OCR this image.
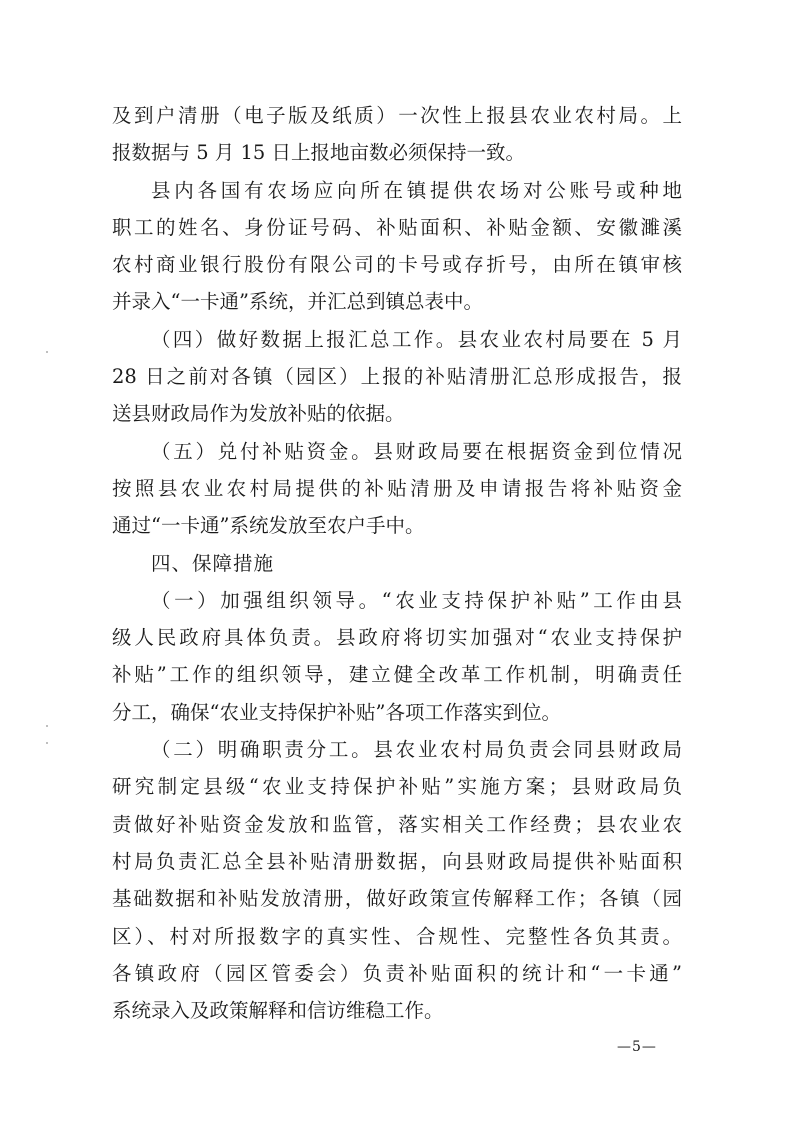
及到户清册（电子版及纸质）一次性上报县农业农村局。上
报数据与 5 月 15 日上报地亩数必须保持一致。
县内各国有农场应向所在镇提供农场对公账号或种地
职工的姓名、身份证号码、补贴面积、补贴金额、安徽濉溪
农村商业银行股份有限公司的卡号或存折号，由所在镇审核
并录入“一卡通”系统，并汇总到镇总表中。
（四）做好数据上报汇总工作。县农业农村局要在 5 月
28 日之前对各镇（园区）上报的补贴清册汇总形成报告，报
送县财政局作为发放补贴的依据。
（五）兑付补贴资金。县财政局要在根据资金到位情况
按照县农业农村局提供的补贴清册及申请报告将补贴资金
通过“一卡通”系统发放至农户手中。
四、保障措施
（一）加强组织领导。“农业支持保护补贴”工作由县
级人民政府具体负责。县政府将切实加强对“农业支持保护
补贴”工作的组织领导，建立健全改革工作机制，明确责任
分工，确保“农业支持保护补贴”各项工作落实到位。
（二）明确职责分工。县农业农村局负责会同县财政局
研究制定县级“农业支持保护补贴”实施方案；县财政局负
责做好补贴资金发放和监管，落实相关工作经费；县农业农
村局负责汇总全县补贴清册数据，向县财政局提供补贴面积
基础数据和补贴发放清册，做好政策宣传解释工作；各镇（园
区）、村对所报数字的真实性、合规性、完整性各负其责。
各镇政府（园区管委会）负责补贴面积的统计和“一卡通”
系统录入及政策解释和信访维稳工作。
—5—
